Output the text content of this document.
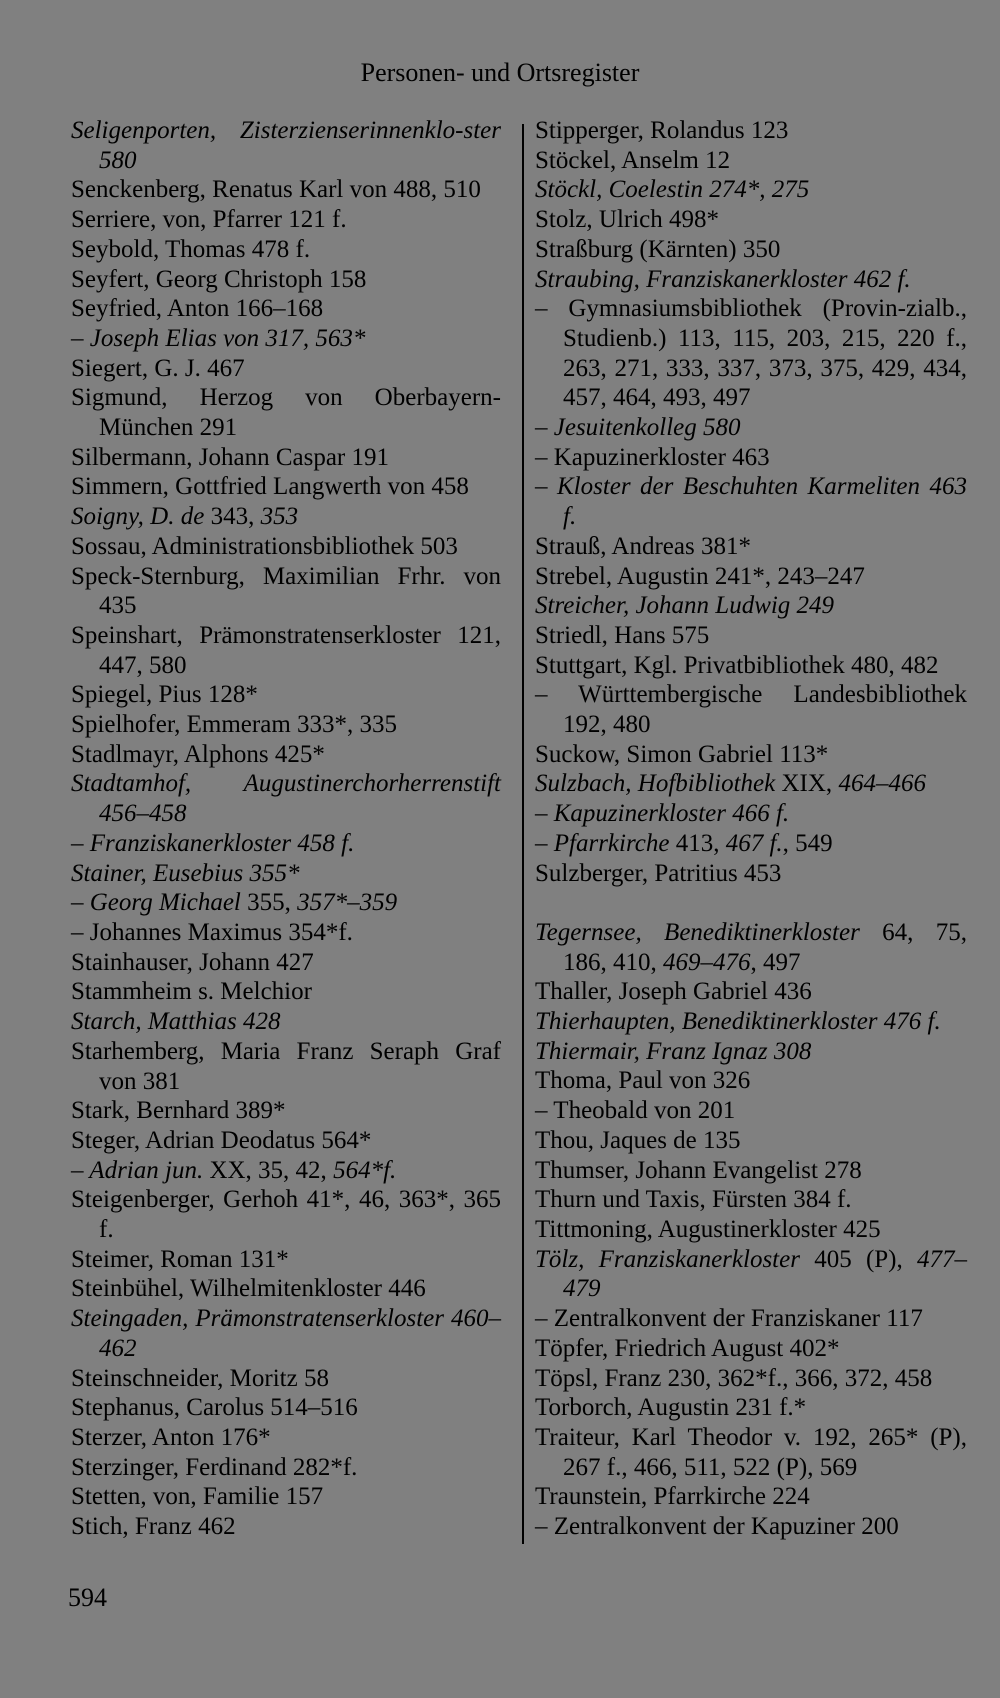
Personen- und Ortsregister
Seligenporten, Zisterzienserinnenklo-ster 580
Senckenberg, Renatus Karl von 488, 510
Serriere, von, Pfarrer 121 f.
Seybold, Thomas 478 f.
Seyfert, Georg Christoph 158
Seyfried, Anton 166–168
– Joseph Elias von 317, 563*
Siegert, G. J. 467
Sigmund, Herzog von Oberbayern-München 291
Silbermann, Johann Caspar 191
Simmern, Gottfried Langwerth von 458
Soigny, D. de 343, 353
Sossau, Administrationsbibliothek 503
Speck-Sternburg, Maximilian Frhr. von 435
Speinshart, Prämonstratenserkloster 121, 447, 580
Spiegel, Pius 128*
Spielhofer, Emmeram 333*, 335
Stadlmayr, Alphons 425*
Stadtamhof, Augustinerchorherrenstift 456–458
– Franziskanerkloster 458 f.
Stainer, Eusebius 355*
– Georg Michael 355, 357*–359
– Johannes Maximus 354*f.
Stainhauser, Johann 427
Stammheim s. Melchior
Starch, Matthias 428
Starhemberg, Maria Franz Seraph Graf von 381
Stark, Bernhard 389*
Steger, Adrian Deodatus 564*
– Adrian jun. XX, 35, 42, 564*f.
Steigenberger, Gerhoh 41*, 46, 363*, 365 f.
Steimer, Roman 131*
Steinbühel, Wilhelmitenkloster 446
Steingaden, Prämonstratenserkloster 460–462
Steinschneider, Moritz 58
Stephanus, Carolus 514–516
Sterzer, Anton 176*
Sterzinger, Ferdinand 282*f.
Stetten, von, Familie 157
Stich, Franz 462
Stipperger, Rolandus 123
Stöckel, Anselm 12
Stöckl, Coelestin 274*, 275
Stolz, Ulrich 498*
Straßburg (Kärnten) 350
Straubing, Franziskanerkloster 462 f.
– Gymnasiumsbibliothek (Provin-zialb., Studienb.) 113, 115, 203, 215, 220 f., 263, 271, 333, 337, 373, 375, 429, 434, 457, 464, 493, 497
– Jesuitenkolleg 580
– Kapuzinerkloster 463
– Kloster der Beschuhten Karmeliten 463 f.
Strauß, Andreas 381*
Strebel, Augustin 241*, 243–247
Streicher, Johann Ludwig 249
Striedl, Hans 575
Stuttgart, Kgl. Privatbibliothek 480, 482
– Württembergische Landesbibliothek 192, 480
Suckow, Simon Gabriel 113*
Sulzbach, Hofbibliothek XIX, 464–466
– Kapuzinerkloster 466 f.
– Pfarrkirche 413, 467 f., 549
Sulzberger, Patritius 453
Tegernsee, Benediktinerkloster 64, 75, 186, 410, 469–476, 497
Thaller, Joseph Gabriel 436
Thierhaupten, Benediktinerkloster 476 f.
Thiermair, Franz Ignaz 308
Thoma, Paul von 326
– Theobald von 201
Thou, Jaques de 135
Thumser, Johann Evangelist 278
Thurn und Taxis, Fürsten 384 f.
Tittmoning, Augustinerkloster 425
Tölz, Franziskanerkloster 405 (P), 477–479
– Zentralkonvent der Franziskaner 117
Töpfer, Friedrich August 402*
Töpsl, Franz 230, 362*f., 366, 372, 458
Torborch, Augustin 231 f.*
Traiteur, Karl Theodor v. 192, 265* (P), 267 f., 466, 511, 522 (P), 569
Traunstein, Pfarrkirche 224
– Zentralkonvent der Kapuziner 200
594
